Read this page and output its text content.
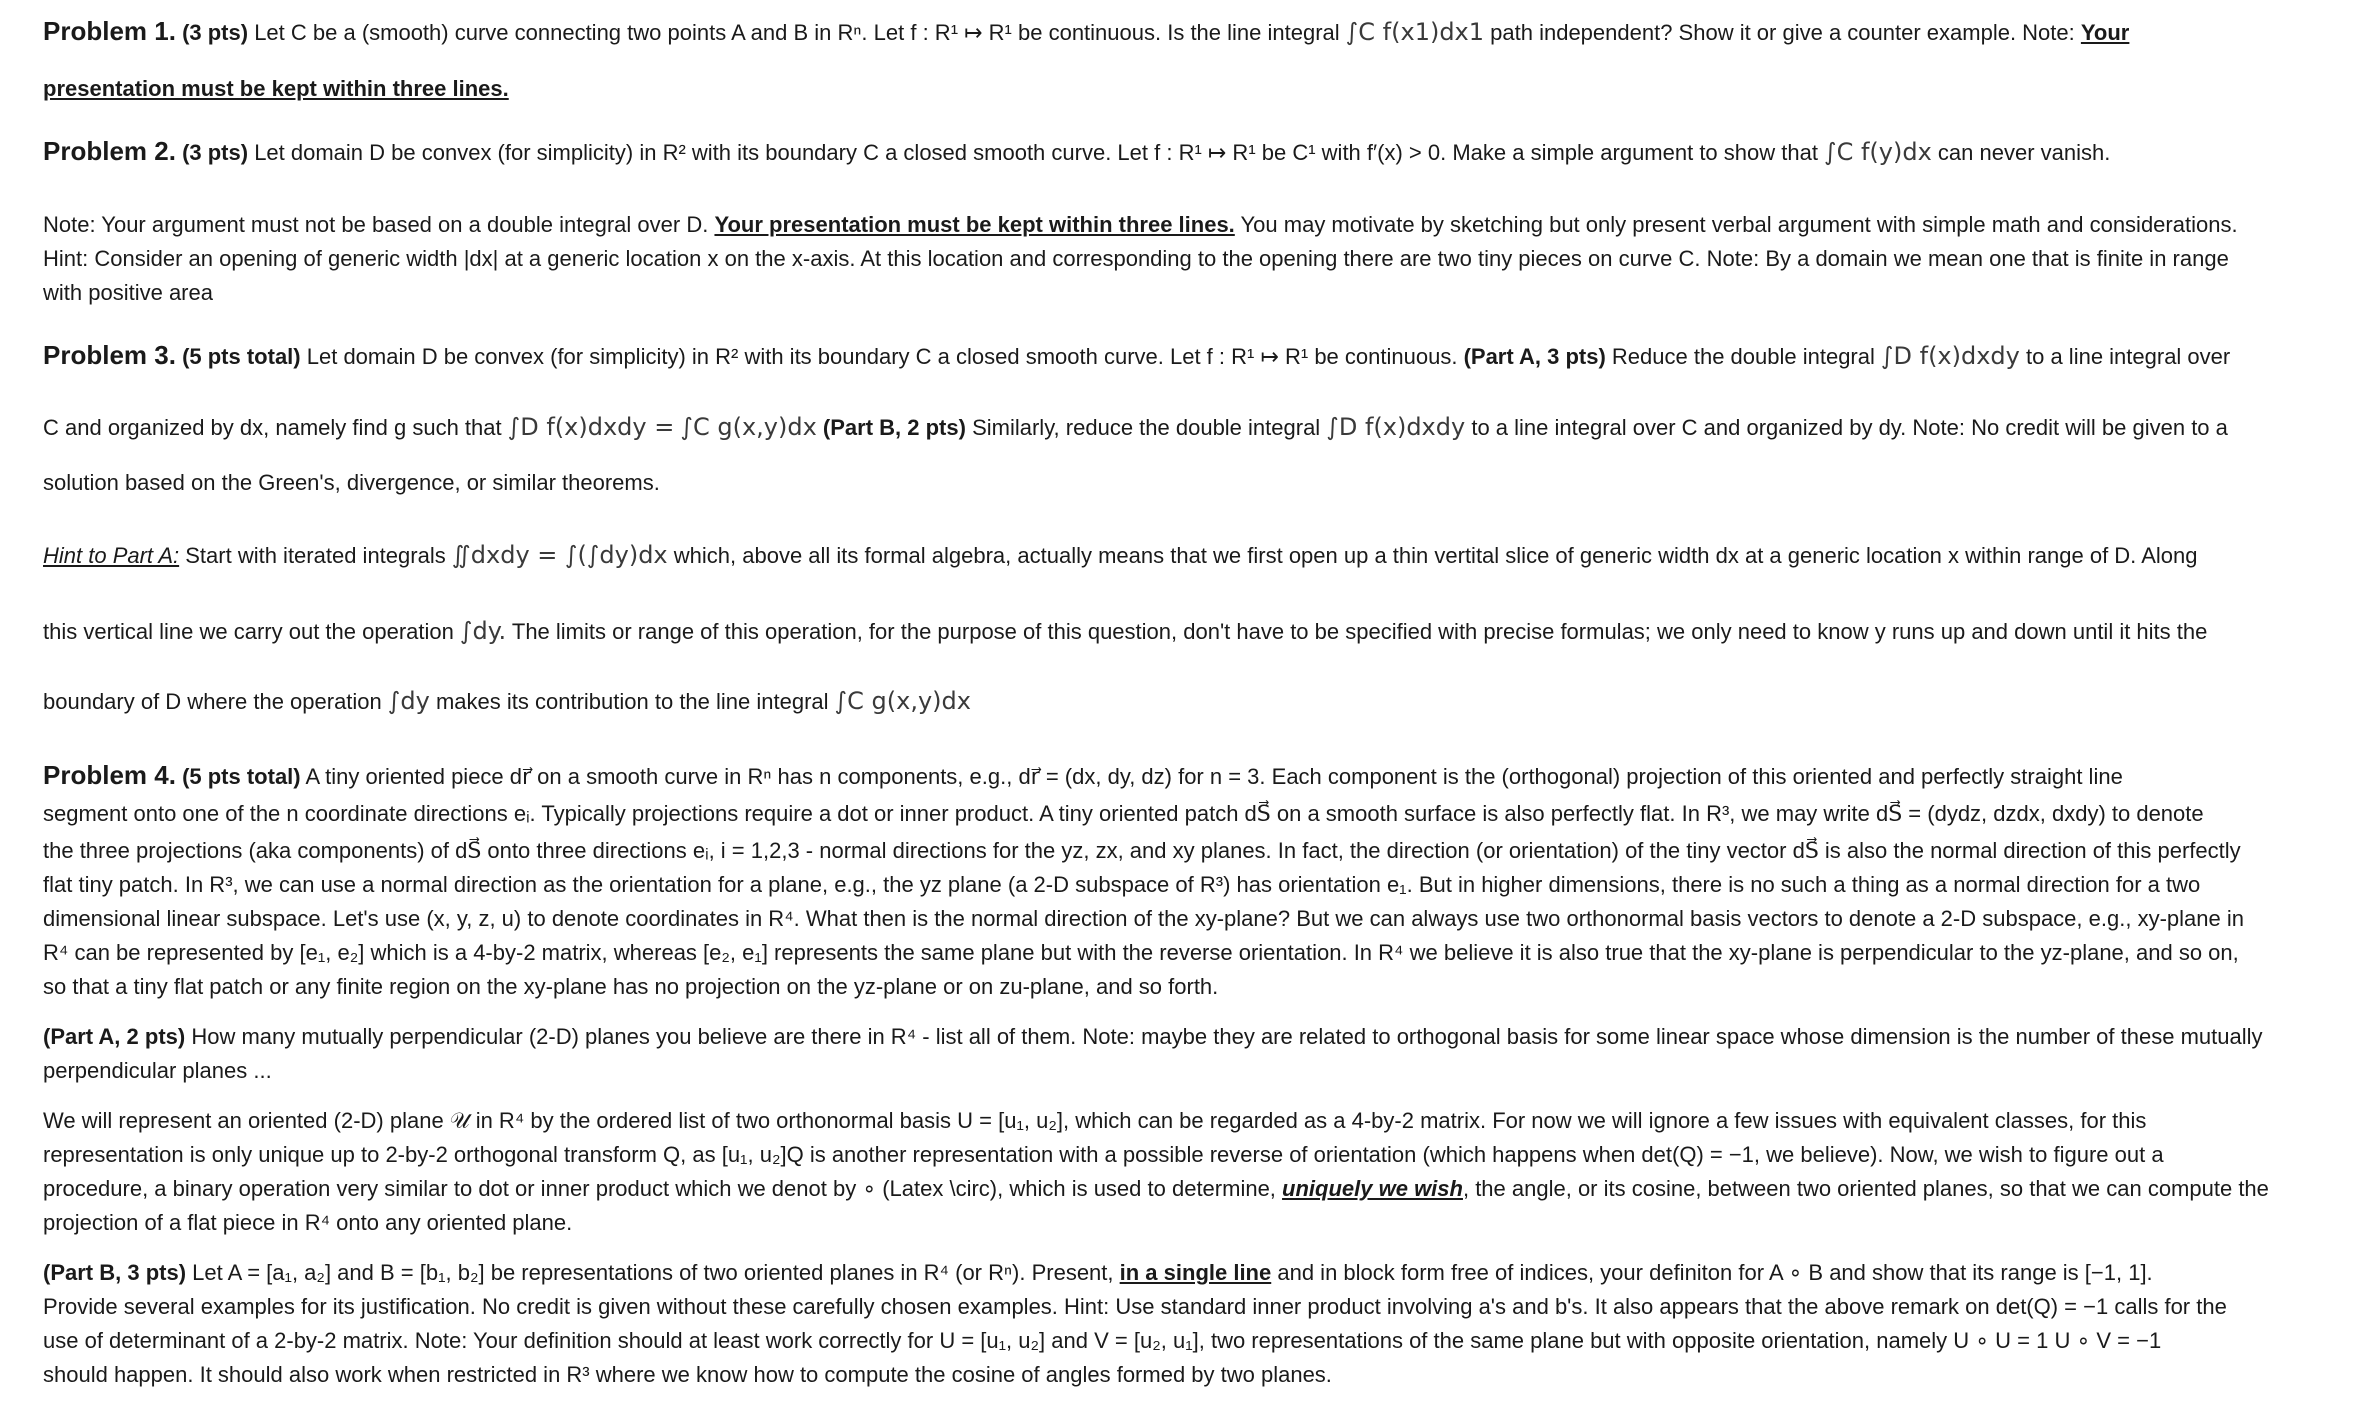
Problem 1. (3 pts) Let C be a (smooth) curve connecting two points A and B in Rⁿ. Let f : R¹ ↦ R¹ be continuous. Is the line integral ∫C f(x1)dx1 path independent? Show it or give a counter example. Note: Your
presentation must be kept within three lines.
Problem 2. (3 pts) Let domain D be convex (for simplicity) in R² with its boundary C a closed smooth curve. Let f : R¹ ↦ R¹ be C¹ with f′(x) > 0. Make a simple argument to show that ∫C f(y)dx can never vanish.
Note: Your argument must not be based on a double integral over D. Your presentation must be kept within three lines. You may motivate by sketching but only present verbal argument with simple math and considerations.
Hint: Consider an opening of generic width |dx| at a generic location x on the x-axis. At this location and corresponding to the opening there are two tiny pieces on curve C. Note: By a domain we mean one that is finite in range
with positive area
Problem 3. (5 pts total) Let domain D be convex (for simplicity) in R² with its boundary C a closed smooth curve. Let f : R¹ ↦ R¹ be continuous. (Part A, 3 pts) Reduce the double integral ∫D f(x)dxdy to a line integral over
C and organized by dx, namely find g such that ∫D f(x)dxdy = ∫C g(x,y)dx (Part B, 2 pts) Similarly, reduce the double integral ∫D f(x)dxdy to a line integral over C and organized by dy. Note: No credit will be given to a
solution based on the Green's, divergence, or similar theorems.
Hint to Part A: Start with iterated integrals ∬dxdy = ∫(∫dy)dx which, above all its formal algebra, actually means that we first open up a thin vertital slice of generic width dx at a generic location x within range of D. Along
this vertical line we carry out the operation ∫dy. The limits or range of this operation, for the purpose of this question, don't have to be specified with precise formulas; we only need to know y runs up and down until it hits the
boundary of D where the operation ∫dy makes its contribution to the line integral ∫C g(x,y)dx
Problem 4. (5 pts total) A tiny oriented piece dr⃗ on a smooth curve in Rⁿ has n components, e.g., dr⃗ = (dx, dy, dz) for n = 3. Each component is the (orthogonal) projection of this oriented and perfectly straight line
segment onto one of the n coordinate directions eᵢ. Typically projections require a dot or inner product. A tiny oriented patch dS⃗ on a smooth surface is also perfectly flat. In R³, we may write dS⃗ = (dydz, dzdx, dxdy) to denote
the three projections (aka components) of dS⃗ onto three directions eᵢ, i = 1,2,3 - normal directions for the yz, zx, and xy planes. In fact, the direction (or orientation) of the tiny vector dS⃗ is also the normal direction of this perfectly
flat tiny patch. In R³, we can use a normal direction as the orientation for a plane, e.g., the yz plane (a 2-D subspace of R³) has orientation e₁. But in higher dimensions, there is no such a thing as a normal direction for a two
dimensional linear subspace. Let's use (x, y, z, u) to denote coordinates in R⁴. What then is the normal direction of the xy-plane? But we can always use two orthonormal basis vectors to denote a 2-D subspace, e.g., xy-plane in
R⁴ can be represented by [e₁, e₂] which is a 4-by-2 matrix, whereas [e₂, e₁] represents the same plane but with the reverse orientation. In R⁴ we believe it is also true that the xy-plane is perpendicular to the yz-plane, and so on,
so that a tiny flat patch or any finite region on the xy-plane has no projection on the yz-plane or on zu-plane, and so forth.
(Part A, 2 pts) How many mutually perpendicular (2-D) planes you believe are there in R⁴ - list all of them. Note: maybe they are related to orthogonal basis for some linear space whose dimension is the number of these mutually
perpendicular planes ...
We will represent an oriented (2-D) plane 𝒰 in R⁴ by the ordered list of two orthonormal basis U = [u₁, u₂], which can be regarded as a 4-by-2 matrix. For now we will ignore a few issues with equivalent classes, for this
representation is only unique up to 2-by-2 orthogonal transform Q, as [u₁, u₂]Q is another representation with a possible reverse of orientation (which happens when det(Q) = −1, we believe). Now, we wish to figure out a
procedure, a binary operation very similar to dot or inner product which we denot by ∘ (Latex \circ), which is used to determine, uniquely we wish, the angle, or its cosine, between two oriented planes, so that we can compute the
projection of a flat piece in R⁴ onto any oriented plane.
(Part B, 3 pts) Let A = [a₁, a₂] and B = [b₁, b₂] be representations of two oriented planes in R⁴ (or Rⁿ). Present, in a single line and in block form free of indices, your definiton for A ∘ B and show that its range is [−1, 1].
Provide several examples for its justification. No credit is given without these carefully chosen examples. Hint: Use standard inner product involving a's and b's. It also appears that the above remark on det(Q) = −1 calls for the
use of determinant of a 2-by-2 matrix. Note: Your definition should at least work correctly for U = [u₁, u₂] and V = [u₂, u₁], two representations of the same plane but with opposite orientation, namely U ∘ U = 1 U ∘ V = −1
should happen. It should also work when restricted in R³ where we know how to compute the cosine of angles formed by two planes.
